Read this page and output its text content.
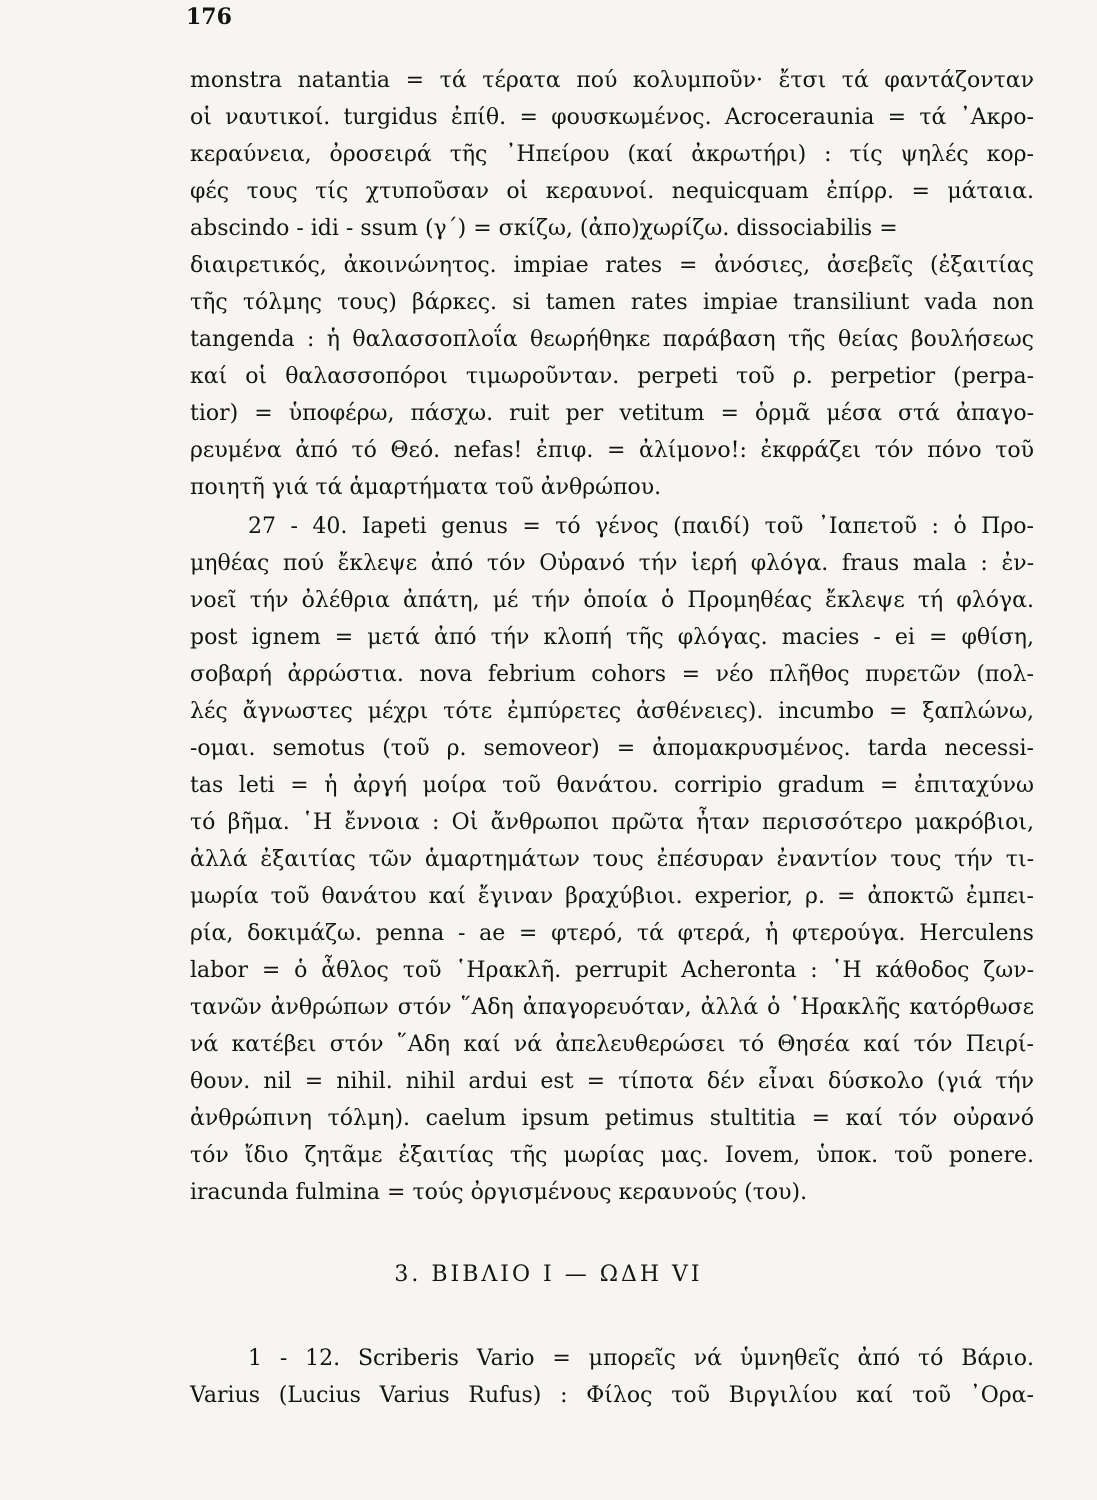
176
monstra natantia = τά τέρατα πού κολυμποῦν· ἔτσι τά φαντάζονταν
οἱ ναυτικοί. turgidus ἐπίθ. = φουσκωμένος. Acroceraunia = τά ᾿Ακρο-
κεραύνεια, ὀροσειρά τῆς ᾿Ηπείρου (καί ἀκρωτήρι) : τίς ψηλές κορ-
φές τους τίς χτυποῦσαν οἱ κεραυνοί. nequicquam ἐπίρρ. = μάταια.
abscindo - idi - ssum (γ´) = σκίζω, (ἀπο)χωρίζω. dissociabilis =
διαιρετικός, ἀκοινώνητος. impiae rates = ἀνόσιες, ἀσεβεῖς (ἐξαιτίας
τῆς τόλμης τους) βάρκες. si tamen rates impiae transiliunt vada non
tangenda : ἡ θαλασσοπλοΐα θεωρήθηκε παράβαση τῆς θείας βουλήσεως
καί οἱ θαλασσοπόροι τιμωροῦνταν. perpeti τοῦ ρ. perpetior (perpa-
tior) = ὑποφέρω, πάσχω. ruit per vetitum = ὁρμᾶ μέσα στά ἀπαγο-
ρευμένα ἀπό τό Θεό. nefas! ἐπιφ. = ἀλίμονο!: ἐκφράζει τόν πόνο τοῦ
ποιητῆ γιά τά ἁμαρτήματα τοῦ ἀνθρώπου.
27 - 40. Iapeti genus = τό γένος (παιδί) τοῦ ᾿Ιαπετοῦ : ὁ Προ-
μηθέας πού ἔκλεψε ἀπό τόν Οὐρανό τήν ἱερή φλόγα. fraus mala : ἐν-
νοεῖ τήν ὀλέθρια ἀπάτη, μέ τήν ὁποία ὁ Προμηθέας ἔκλεψε τή φλόγα.
post ignem = μετά ἀπό τήν κλοπή τῆς φλόγας. macies - ei = φθίση,
σοβαρή ἀρρώστια. nova febrium cohors = νέο πλῆθος πυρετῶν (πολ-
λές ἄγνωστες μέχρι τότε ἐμπύρετες ἀσθένειες). incumbo = ξαπλώνω,
-ομαι. semotus (τοῦ ρ. semoveor) = ἀπομακρυσμένος. tarda necessi-
tas leti = ἡ ἀργή μοίρα τοῦ θανάτου. corripio gradum = ἐπιταχύνω
τό βῆμα. ῾Η ἔννοια : Οἱ ἄνθρωποι πρῶτα ἦταν περισσότερο μακρόβιοι,
ἀλλά ἐξαιτίας τῶν ἁμαρτημάτων τους ἐπέσυραν ἐναντίον τους τήν τι-
μωρία τοῦ θανάτου καί ἔγιναν βραχύβιοι. experior, ρ. = ἀποκτῶ ἐμπει-
ρία, δοκιμάζω. penna - ae = φτερό, τά φτερά, ἡ φτερούγα. Herculens
labor = ὁ ἆθλος τοῦ ῾Ηρακλῆ. perrupit Acheronta : ῾Η κάθοδος ζων-
τανῶν ἀνθρώπων στόν ῞Αδη ἀπαγορευόταν, ἀλλά ὁ ῾Ηρακλῆς κατόρθωσε
νά κατέβει στόν ῞Αδη καί νά ἀπελευθερώσει τό Θησέα καί τόν Πειρί-
θουν. nil = nihil. nihil ardui est = τίποτα δέν εἶναι δύσκολο (γιά τήν
ἀνθρώπινη τόλμη). caelum ipsum petimus stultitia = καί τόν οὐρανό
τόν ἴδιο ζητᾶμε ἐξαιτίας τῆς μωρίας μας. Iovem, ὑποκ. τοῦ ponere.
iracunda fulmina = τούς ὀργισμένους κεραυνούς (του).
3. ΒΙΒΛΙΟ Ι — ΩΔΗ VI
1 - 12. Scriberis Vario = μπορεῖς νά ὑμνηθεῖς ἀπό τό Βάριο.
Varius (Lucius Varius Rufus) : Φίλος τοῦ Βιργιλίου καί τοῦ ᾿Ορα-
